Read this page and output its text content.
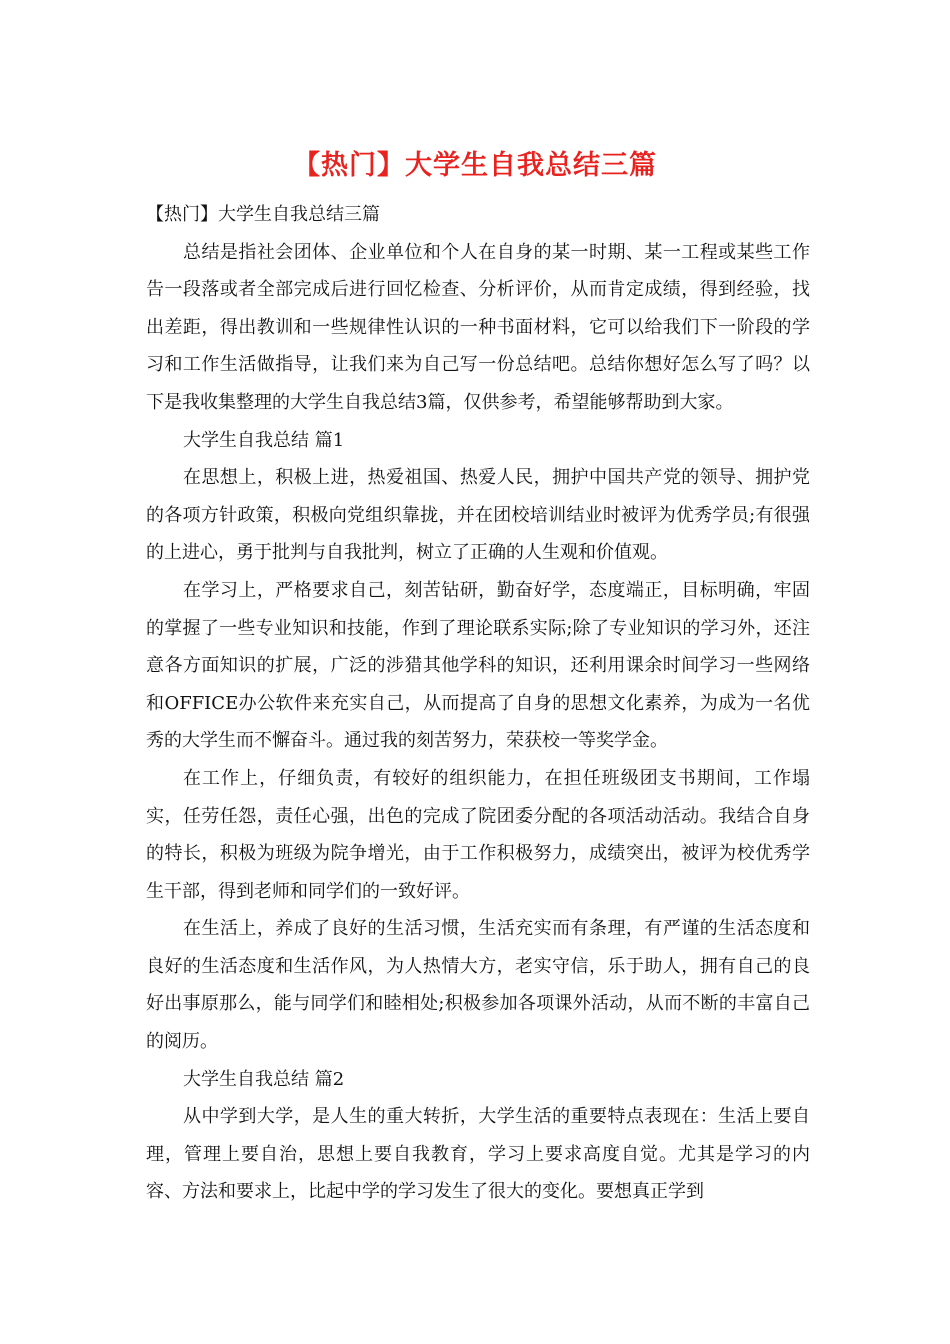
【热门】大学生自我总结三篇

【热门】大学生自我总结三篇

总结是指社会团体、企业单位和个人在自身的某一时期、某一工程或某些工作告一段落或者全部完成后进行回忆检查、分析评价，从而肯定成绩，得到经验，找出差距，得出教训和一些规律性认识的一种书面材料，它可以给我们下一阶段的学习和工作生活做指导，让我们来为自己写一份总结吧。总结你想好怎么写了吗？以下是我收集整理的大学生自我总结3篇，仅供参考，希望能够帮助到大家。

大学生自我总结 篇1

在思想上，积极上进，热爱祖国、热爱人民，拥护中国共产党的领导、拥护党的各项方针政策，积极向党组织靠拢，并在团校培训结业时被评为优秀学员;有很强的上进心，勇于批判与自我批判，树立了正确的人生观和价值观。

在学习上，严格要求自己，刻苦钻研，勤奋好学，态度端正，目标明确，牢固的掌握了一些专业知识和技能，作到了理论联系实际;除了专业知识的学习外，还注意各方面知识的扩展，广泛的涉猎其他学科的知识，还利用课余时间学习一些网络和OFFICE办公软件来充实自己，从而提高了自身的思想文化素养，为成为一名优秀的大学生而不懈奋斗。通过我的刻苦努力，荣获校一等奖学金。

在工作上，仔细负责，有较好的组织能力，在担任班级团支书期间，工作塌实，任劳任怨，责任心强，出色的完成了院团委分配的各项活动活动。我结合自身的特长，积极为班级为院争增光，由于工作积极努力，成绩突出，被评为校优秀学生干部，得到老师和同学们的一致好评。

在生活上，养成了良好的生活习惯，生活充实而有条理，有严谨的生活态度和良好的生活态度和生活作风，为人热情大方，老实守信，乐于助人，拥有自己的良好出事原那么，能与同学们和睦相处;积极参加各项课外活动，从而不断的丰富自己的阅历。

大学生自我总结 篇2

从中学到大学，是人生的重大转折，大学生活的重要特点表现在：生活上要自理，管理上要自治，思想上要自我教育，学习上要求高度自觉。尤其是学习的内容、方法和要求上，比起中学的学习发生了很大的变化。要想真正学到
